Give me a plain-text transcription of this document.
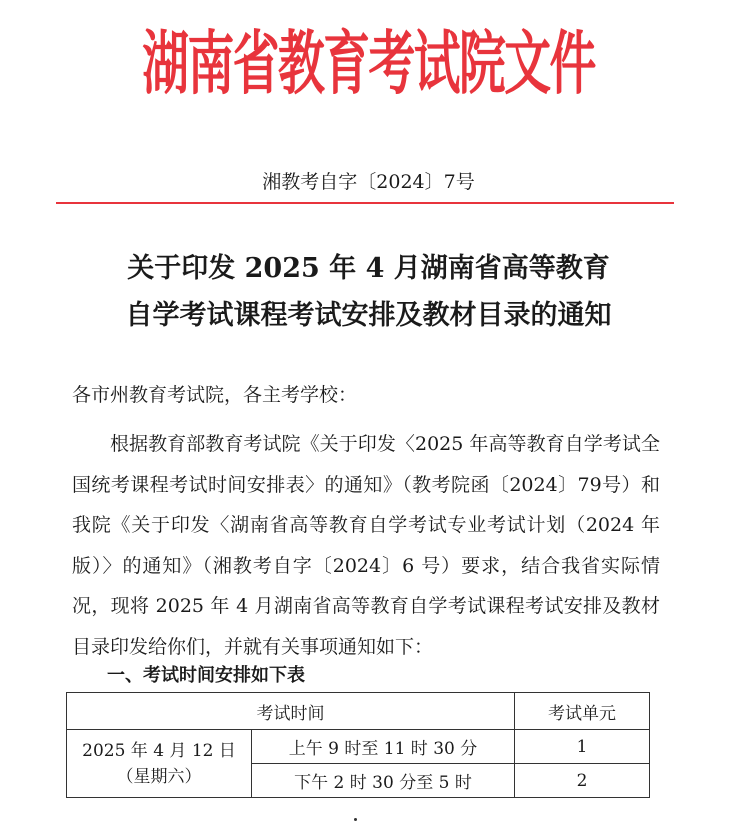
湖南省教育考试院文件
湘教考自字〔2024〕7号
关于印发 2025 年 4 月湖南省高等教育
自学考试课程考试安排及教材目录的通知
各市州教育考试院，各主考学校：
根据教育部教育考试院《关于印发〈2025 年高等教育自学考试全国统考课程考试时间安排表〉的通知》（教考院函〔2024〕79号）和我院《关于印发〈湖南省高等教育自学考试专业考试计划（2024 年版）〉的通知》（湘教考自字〔2024〕6 号）要求，结合我省实际情况，现将 2025 年 4 月湖南省高等教育自学考试课程考试安排及教材目录印发给你们，并就有关事项通知如下：
一、考试时间安排如下表
考试时间		考试单元

2025 年 4 月 12 日
（星期六）	上午 9 时至 11 时 30 分	1
	下午 2 时 30 分至 5 时	2
